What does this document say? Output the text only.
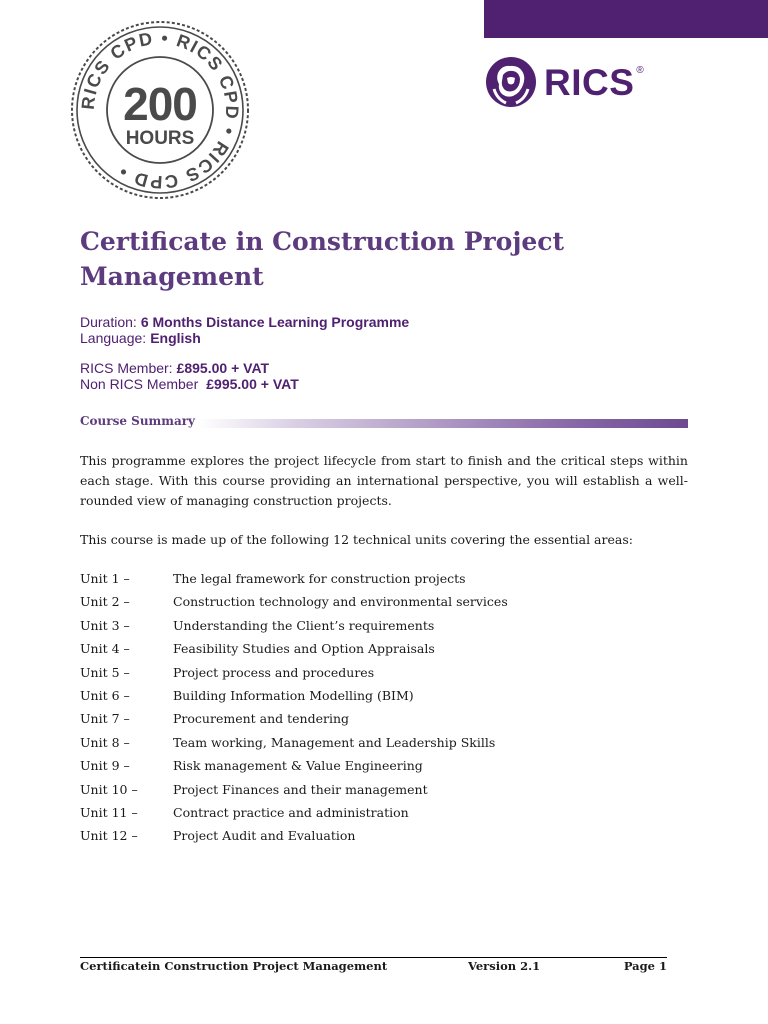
RICS CPD • RICS CPD • RICS CPD •
200
HOURS
RICS ®
Certificate in Construction Project Management
Duration: 6 Months Distance Learning Programme
Language: English
RICS Member: £895.00 + VAT
Non RICS Member £995.00 + VAT
Course Summary

This programme explores the project lifecycle from start to finish and the critical steps within each stage. With this course providing an international perspective, you will establish a well-rounded view of managing construction projects.

This course is made up of the following 12 technical units covering the essential areas:

Unit 1 –	The legal framework for construction projects
Unit 2 –	Construction technology and environmental services
Unit 3 –	Understanding the Client’s requirements
Unit 4 –	Feasibility Studies and Option Appraisals
Unit 5 –	Project process and procedures
Unit 6 –	Building Information Modelling (BIM)
Unit 7 –	Procurement and tendering
Unit 8 –	Team working, Management and Leadership Skills
Unit 9 –	Risk management & Value Engineering
Unit 10 –	Project Finances and their management
Unit 11 –	Contract practice and administration
Unit 12 –	Project Audit and Evaluation
Certificatein Construction Project Management	Version 2.1	Page 1
